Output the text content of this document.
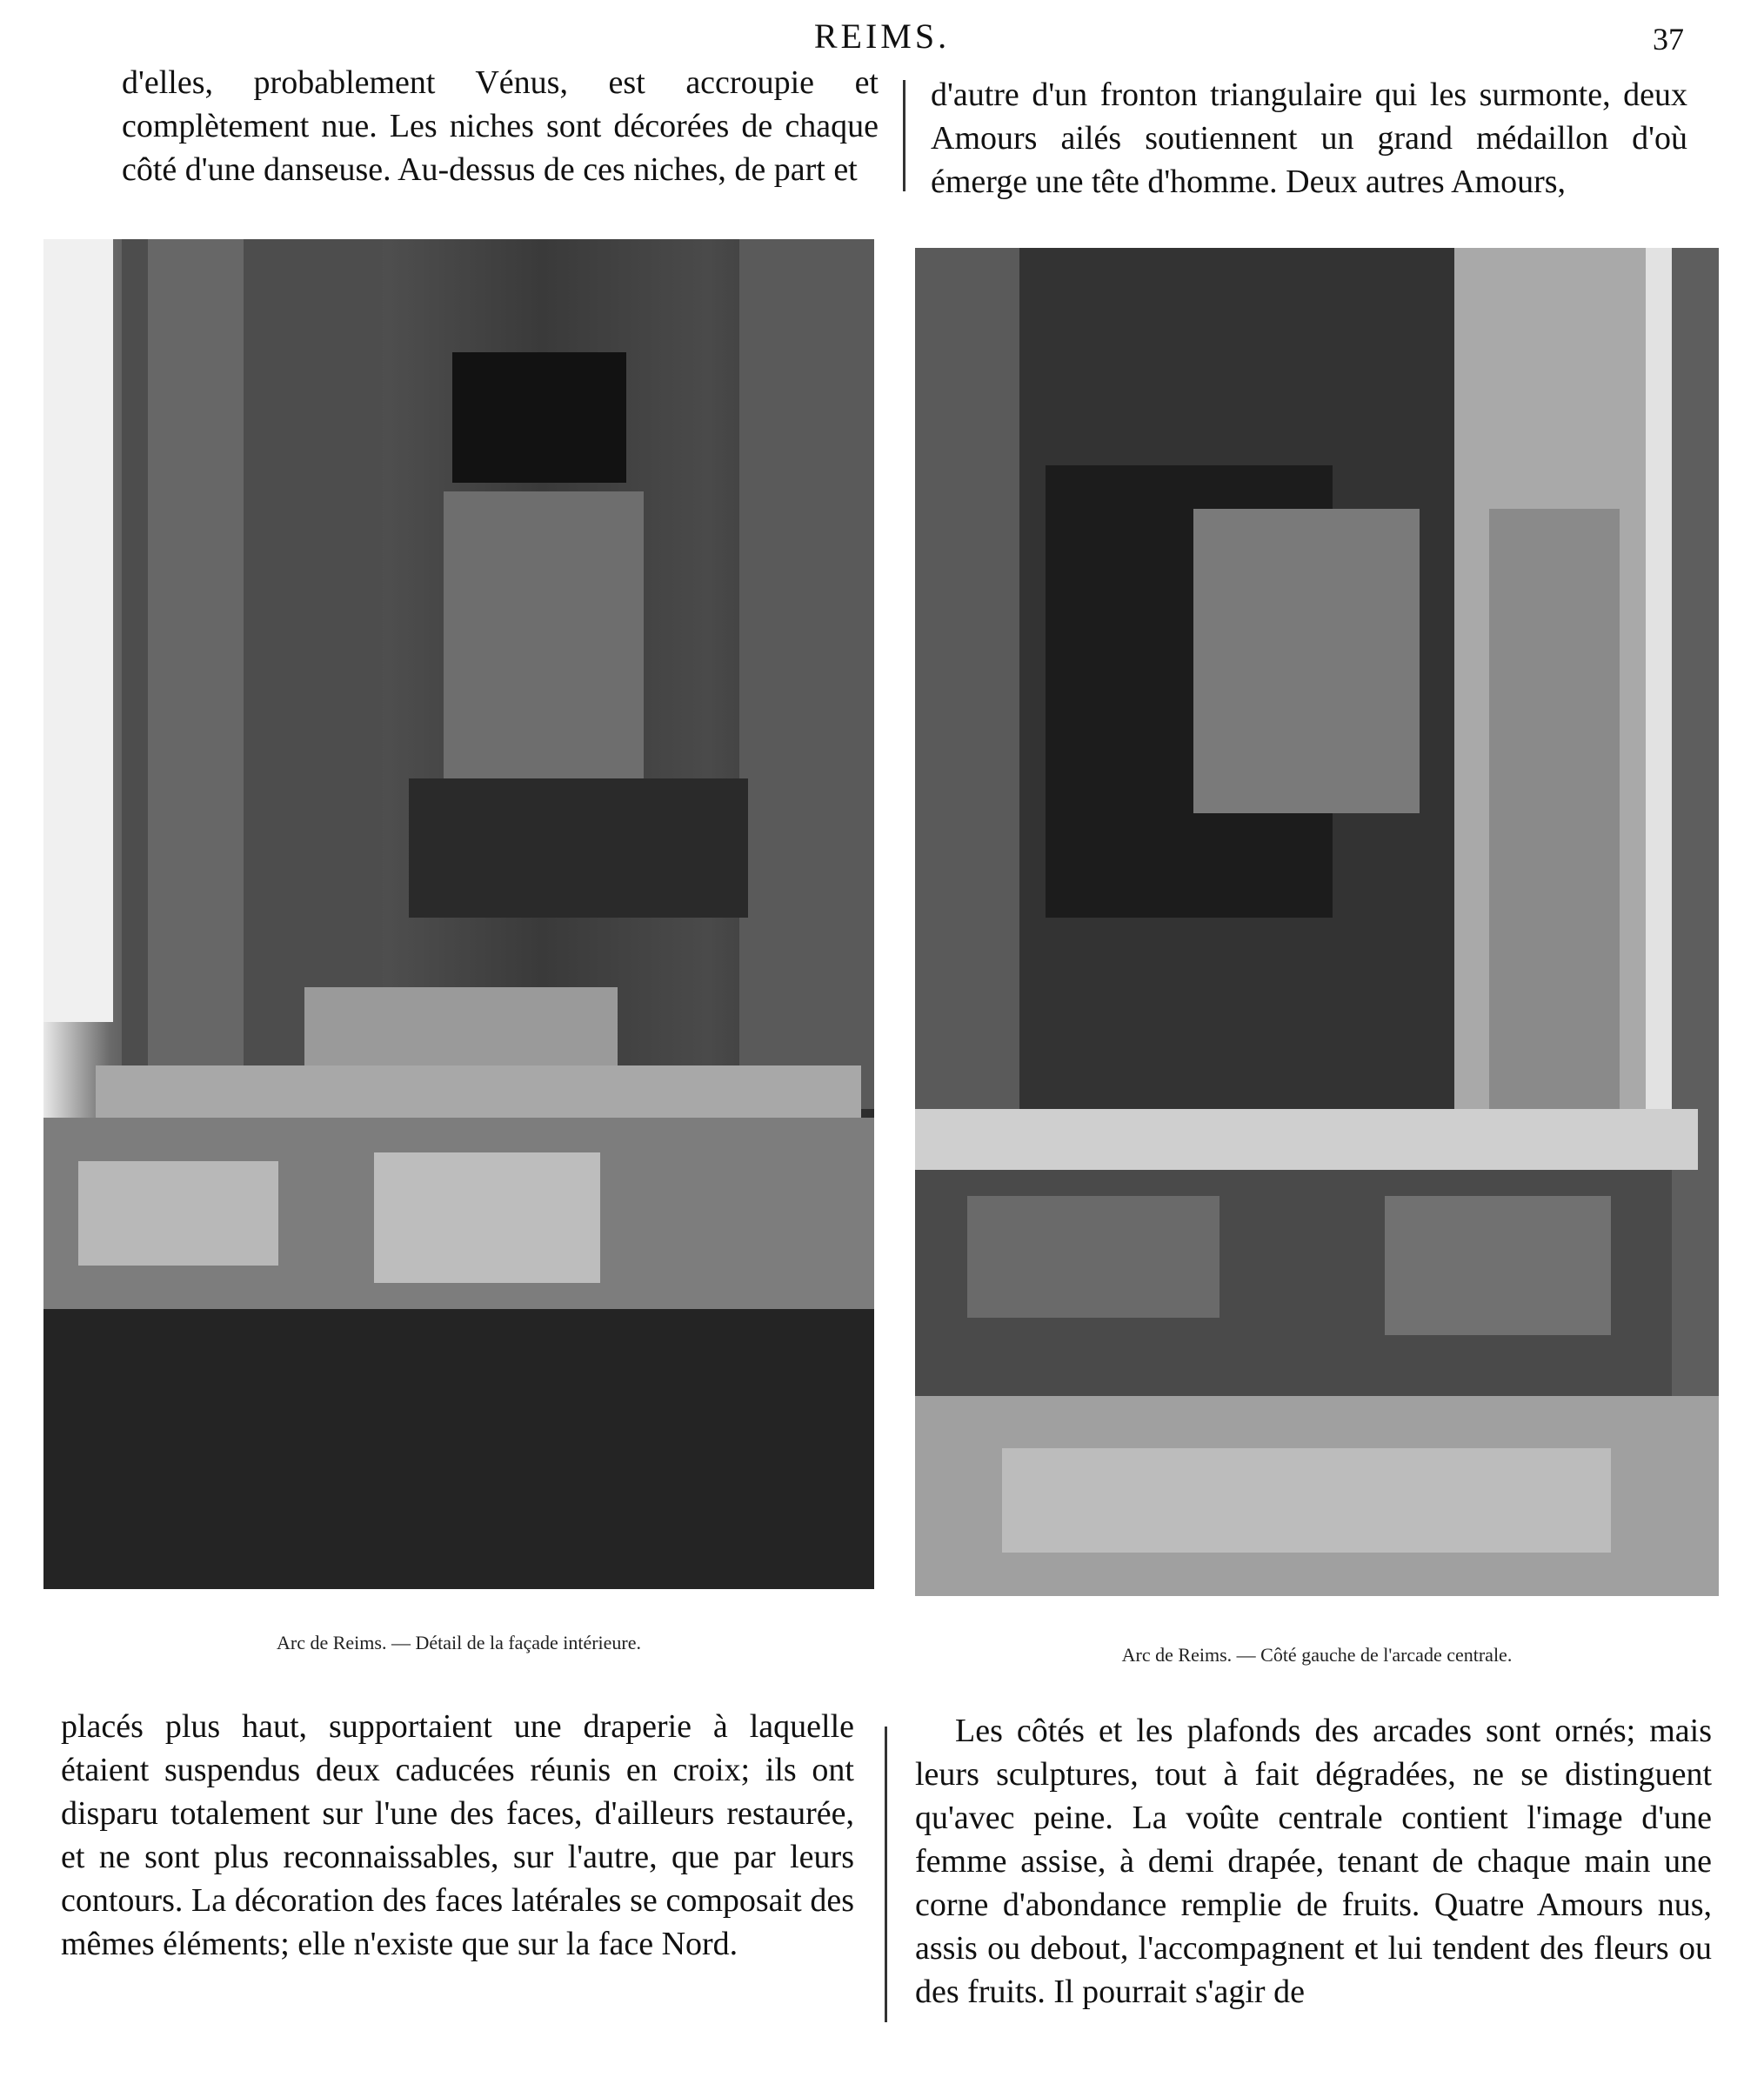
REIMS.	37
d'elles, probablement Vénus, est accroupie et complètement nue. Les niches sont décorées de chaque côté d'une danseuse. Au-dessus de ces niches, de part et
d'autre d'un fronton triangulaire qui les surmonte, deux Amours ailés soutiennent un grand médaillon d'où émerge une tête d'homme. Deux autres Amours,
Arc de Reims. — Détail de la façade intérieure.
Arc de Reims. — Côté gauche de l'arcade centrale.
placés plus haut, supportaient une draperie à laquelle étaient suspendus deux caducées réunis en croix; ils ont disparu totalement sur l'une des faces, d'ailleurs restaurée, et ne sont plus reconnaissables, sur l'autre, que par leurs contours. La décoration des faces latérales se composait des mêmes éléments; elle n'existe que sur la face Nord.
Les côtés et les plafonds des arcades sont ornés; mais leurs sculptures, tout à fait dégradées, ne se distinguent qu'avec peine. La voûte centrale contient l'image d'une femme assise, à demi drapée, tenant de chaque main une corne d'abondance remplie de fruits. Quatre Amours nus, assis ou debout, l'accompagnent et lui tendent des fleurs ou des fruits. Il pourrait s'agir de
